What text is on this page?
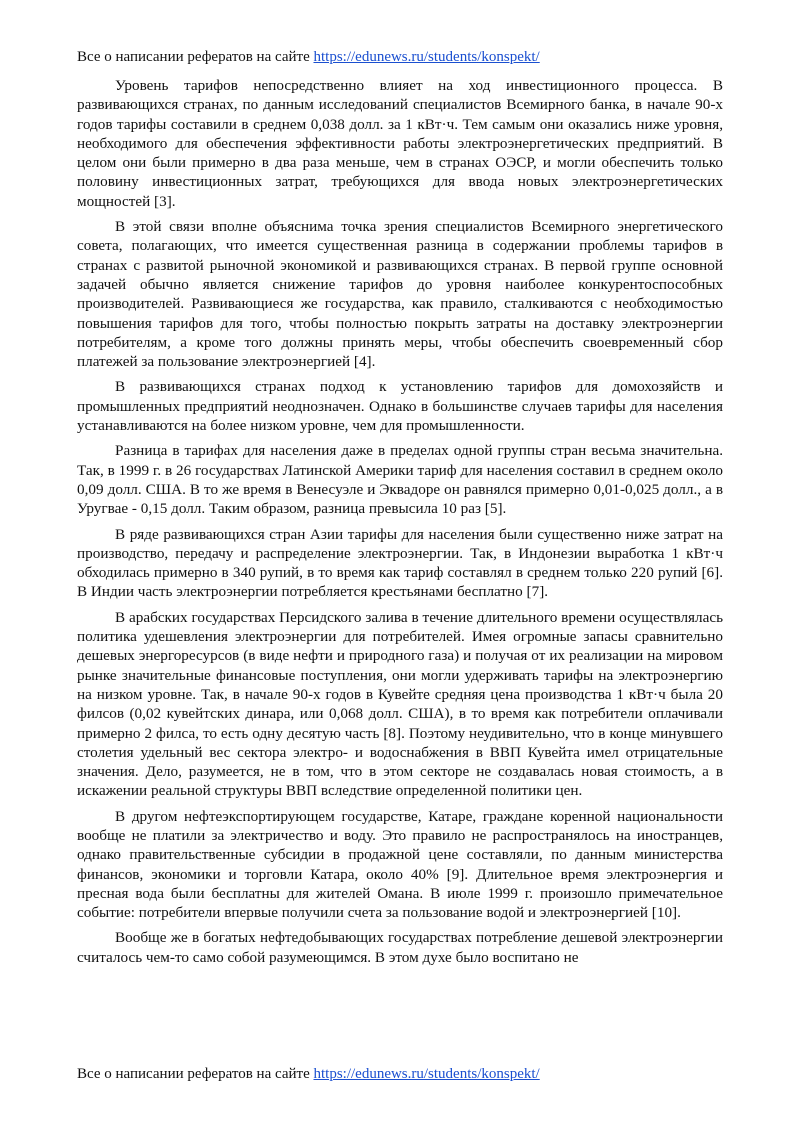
Все о написании рефератов на сайте https://edunews.ru/students/konspekt/

Уровень тарифов непосредственно влияет на ход инвестиционного процесса. В развивающихся странах, по данным исследований специалистов Всемирного банка, в начале 90-х годов тарифы составили в среднем 0,038 долл. за 1 кВт·ч. Тем самым они оказались ниже уровня, необходимого для обеспечения эффективности работы электроэнергетических предприятий. В целом они были примерно в два раза меньше, чем в странах ОЭСР, и могли обеспечить только половину инвестиционных затрат, требующихся для ввода новых электроэнергетических мощностей [3].

В этой связи вполне объяснима точка зрения специалистов Всемирного энергетического совета, полагающих, что имеется существенная разница в содержании проблемы тарифов в странах с развитой рыночной экономикой и развивающихся странах. В первой группе основной задачей обычно является снижение тарифов до уровня наиболее конкурентоспособных производителей. Развивающиеся же государства, как правило, сталкиваются с необходимостью повышения тарифов для того, чтобы полностью покрыть затраты на доставку электроэнергии потребителям, а кроме того должны принять меры, чтобы обеспечить своевременный сбор платежей за пользование электроэнергией [4].

В развивающихся странах подход к установлению тарифов для домохозяйств и промышленных предприятий неоднозначен. Однако в большинстве случаев тарифы для населения устанавливаются на более низком уровне, чем для промышленности.

Разница в тарифах для населения даже в пределах одной группы стран весьма значительна. Так, в 1999 г. в 26 государствах Латинской Америки тариф для населения составил в среднем около 0,09 долл. США. В то же время в Венесуэле и Эквадоре он равнялся примерно 0,01-0,025 долл., а в Уругвае - 0,15 долл. Таким образом, разница превысила 10 раз [5].

В ряде развивающихся стран Азии тарифы для населения были существенно ниже затрат на производство, передачу и распределение электроэнергии. Так, в Индонезии выработка 1 кВт·ч обходилась примерно в 340 рупий, в то время как тариф составлял в среднем только 220 рупий [6]. В Индии часть электроэнергии потребляется крестьянами бесплатно [7].

В арабских государствах Персидского залива в течение длительного времени осуществлялась политика удешевления электроэнергии для потребителей. Имея огромные запасы сравнительно дешевых энергоресурсов (в виде нефти и природного газа) и получая от их реализации на мировом рынке значительные финансовые поступления, они могли удерживать тарифы на электроэнергию на низком уровне. Так, в начале 90-х годов в Кувейте средняя цена производства 1 кВт·ч была 20 филсов (0,02 кувейтских динара, или 0,068 долл. США), в то время как потребители оплачивали примерно 2 филса, то есть одну десятую часть [8]. Поэтому неудивительно, что в конце минувшего столетия удельный вес сектора электро- и водоснабжения в ВВП Кувейта имел отрицательные значения. Дело, разумеется, не в том, что в этом секторе не создавалась новая стоимость, а в искажении реальной структуры ВВП вследствие определенной политики цен.

В другом нефтеэкспортирующем государстве, Катаре, граждане коренной национальности вообще не платили за электричество и воду. Это правило не распространялось на иностранцев, однако правительственные субсидии в продажной цене составляли, по данным министерства финансов, экономики и торговли Катара, около 40% [9]. Длительное время электроэнергия и пресная вода были бесплатны для жителей Омана. В июле 1999 г. произошло примечательное событие: потребители впервые получили счета за пользование водой и электроэнергией [10].

Вообще же в богатых нефтедобывающих государствах потребление дешевой электроэнергии считалось чем-то само собой разумеющимся. В этом духе было воспитано не

Все о написании рефератов на сайте https://edunews.ru/students/konspekt/
